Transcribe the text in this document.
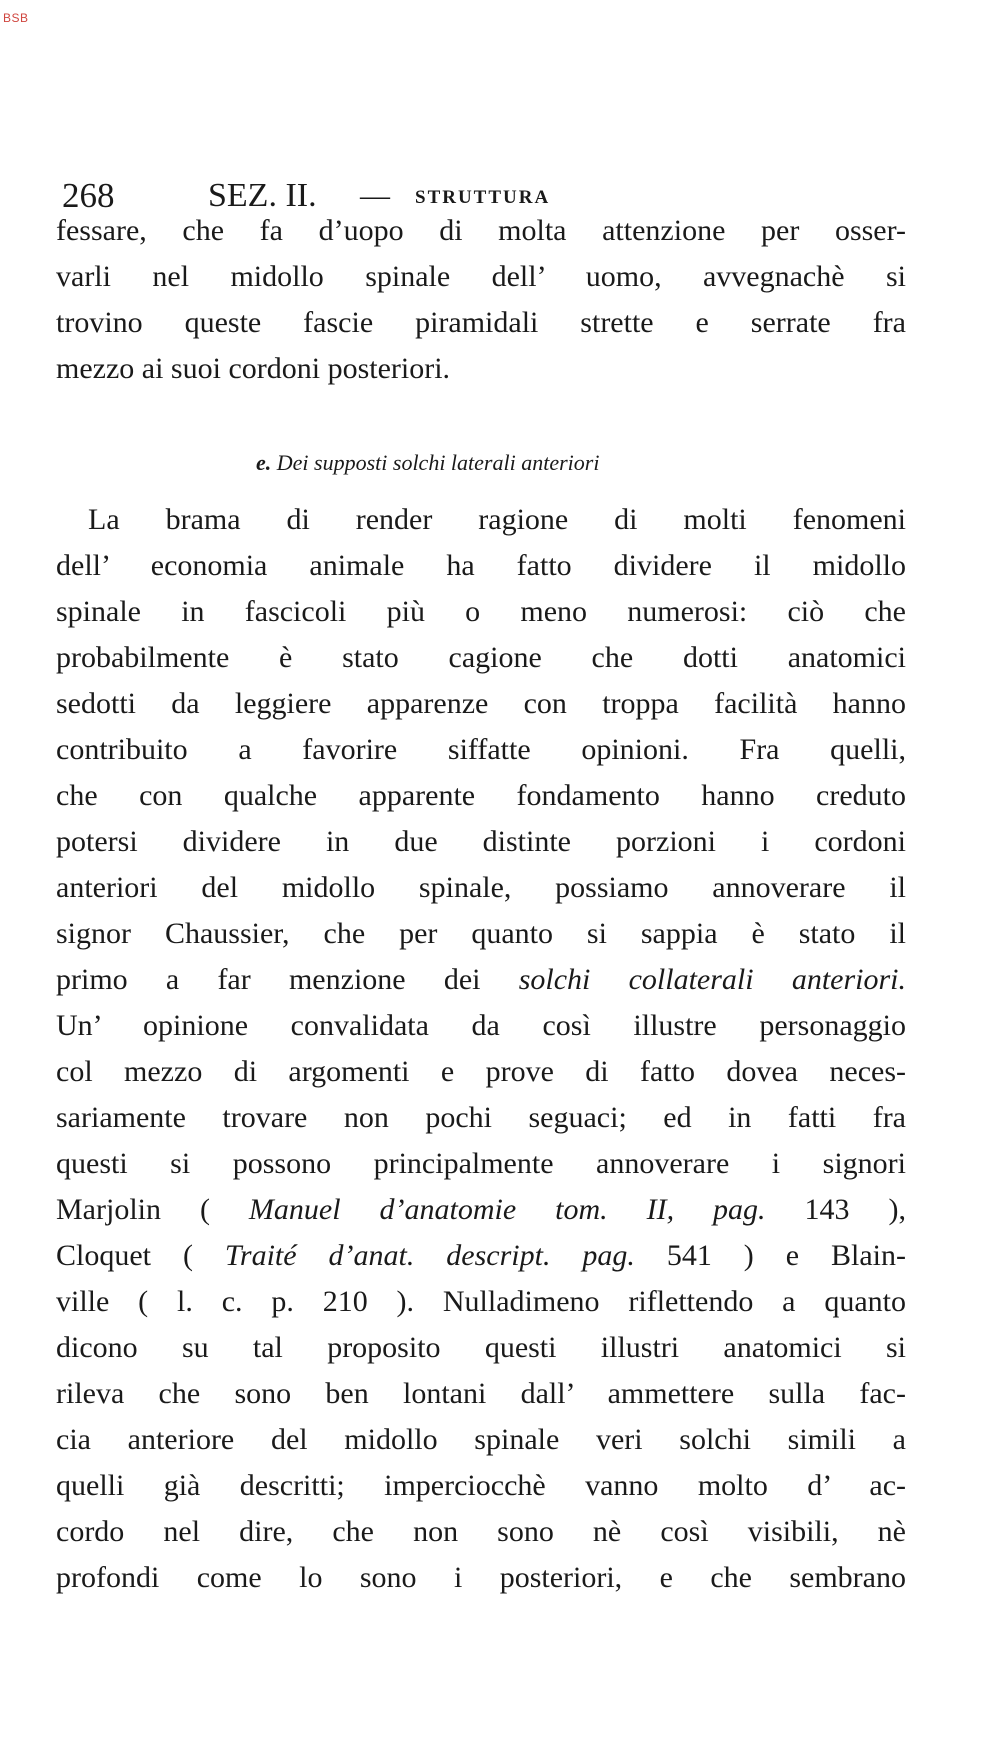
BSB
268	SEZ. II. — STRUTTURA
fessare, che fa d’uopo di molta attenzione per osser-
varli nel midollo spinale dell’ uomo, avvegnachè si
trovino queste fascie piramidali strette e serrate fra
mezzo ai suoi cordoni posteriori.
La brama di render ragione di molti fenomeni
dell’ economia animale ha fatto dividere il midollo
spinale in fascicoli più o meno numerosi: ciò che
probabilmente è stato cagione che dotti anatomici
sedotti da leggiere apparenze con troppa facilità hanno
contribuito a favorire siffatte opinioni. Fra quelli,
che con qualche apparente fondamento hanno creduto
potersi dividere in due distinte porzioni i cordoni
anteriori del midollo spinale, possiamo annoverare il
signor Chaussier, che per quanto si sappia è stato il
primo a far menzione dei solchi collaterali anteriori.
Un’ opinione convalidata da così illustre personaggio
col mezzo di argomenti e prove di fatto dovea neces-
sariamente trovare non pochi seguaci; ed in fatti fra
questi si possono principalmente annoverare i signori
Marjolin ( Manuel d’anatomie tom. II, pag. 143 ),
Cloquet ( Traité d’anat. descript. pag. 541 ) e Blain-
ville ( l. c. p. 210 ). Nulladimeno riflettendo a quanto
dicono su tal proposito questi illustri anatomici si
rileva che sono ben lontani dall’ ammettere sulla fac-
cia anteriore del midollo spinale veri solchi simili a
quelli già descritti; imperciocchè vanno molto d’ ac-
cordo nel dire, che non sono nè così visibili, nè
profondi come lo sono i posteriori, e che sembrano
e. Dei supposti solchi laterali anteriori
